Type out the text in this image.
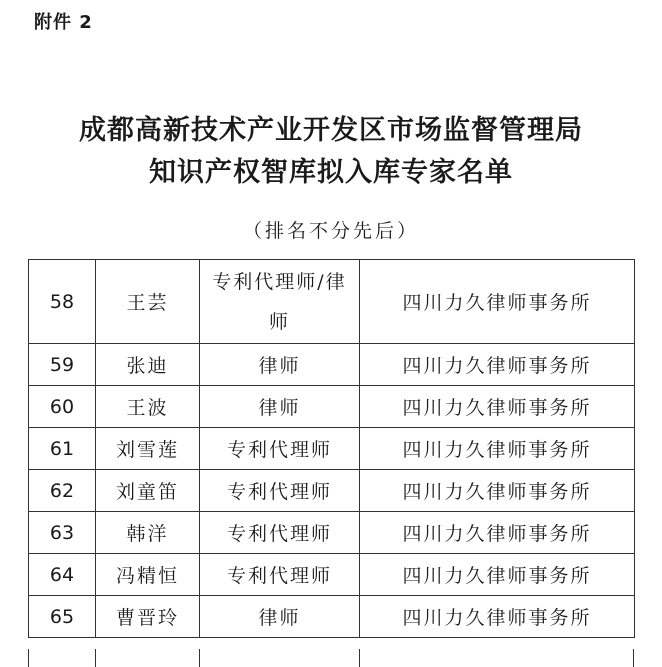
附件 2
成都高新技术产业开发区市场监督管理局
知识产权智库拟入库专家名单
（排名不分先后）
58	王芸	专利代理师/律师	四川力久律师事务所
59	张迪	律师	四川力久律师事务所
60	王波	律师	四川力久律师事务所
61	刘雪莲	专利代理师	四川力久律师事务所
62	刘童笛	专利代理师	四川力久律师事务所
63	韩洋	专利代理师	四川力久律师事务所
64	冯精恒	专利代理师	四川力久律师事务所
65	曹晋玲	律师	四川力久律师事务所
